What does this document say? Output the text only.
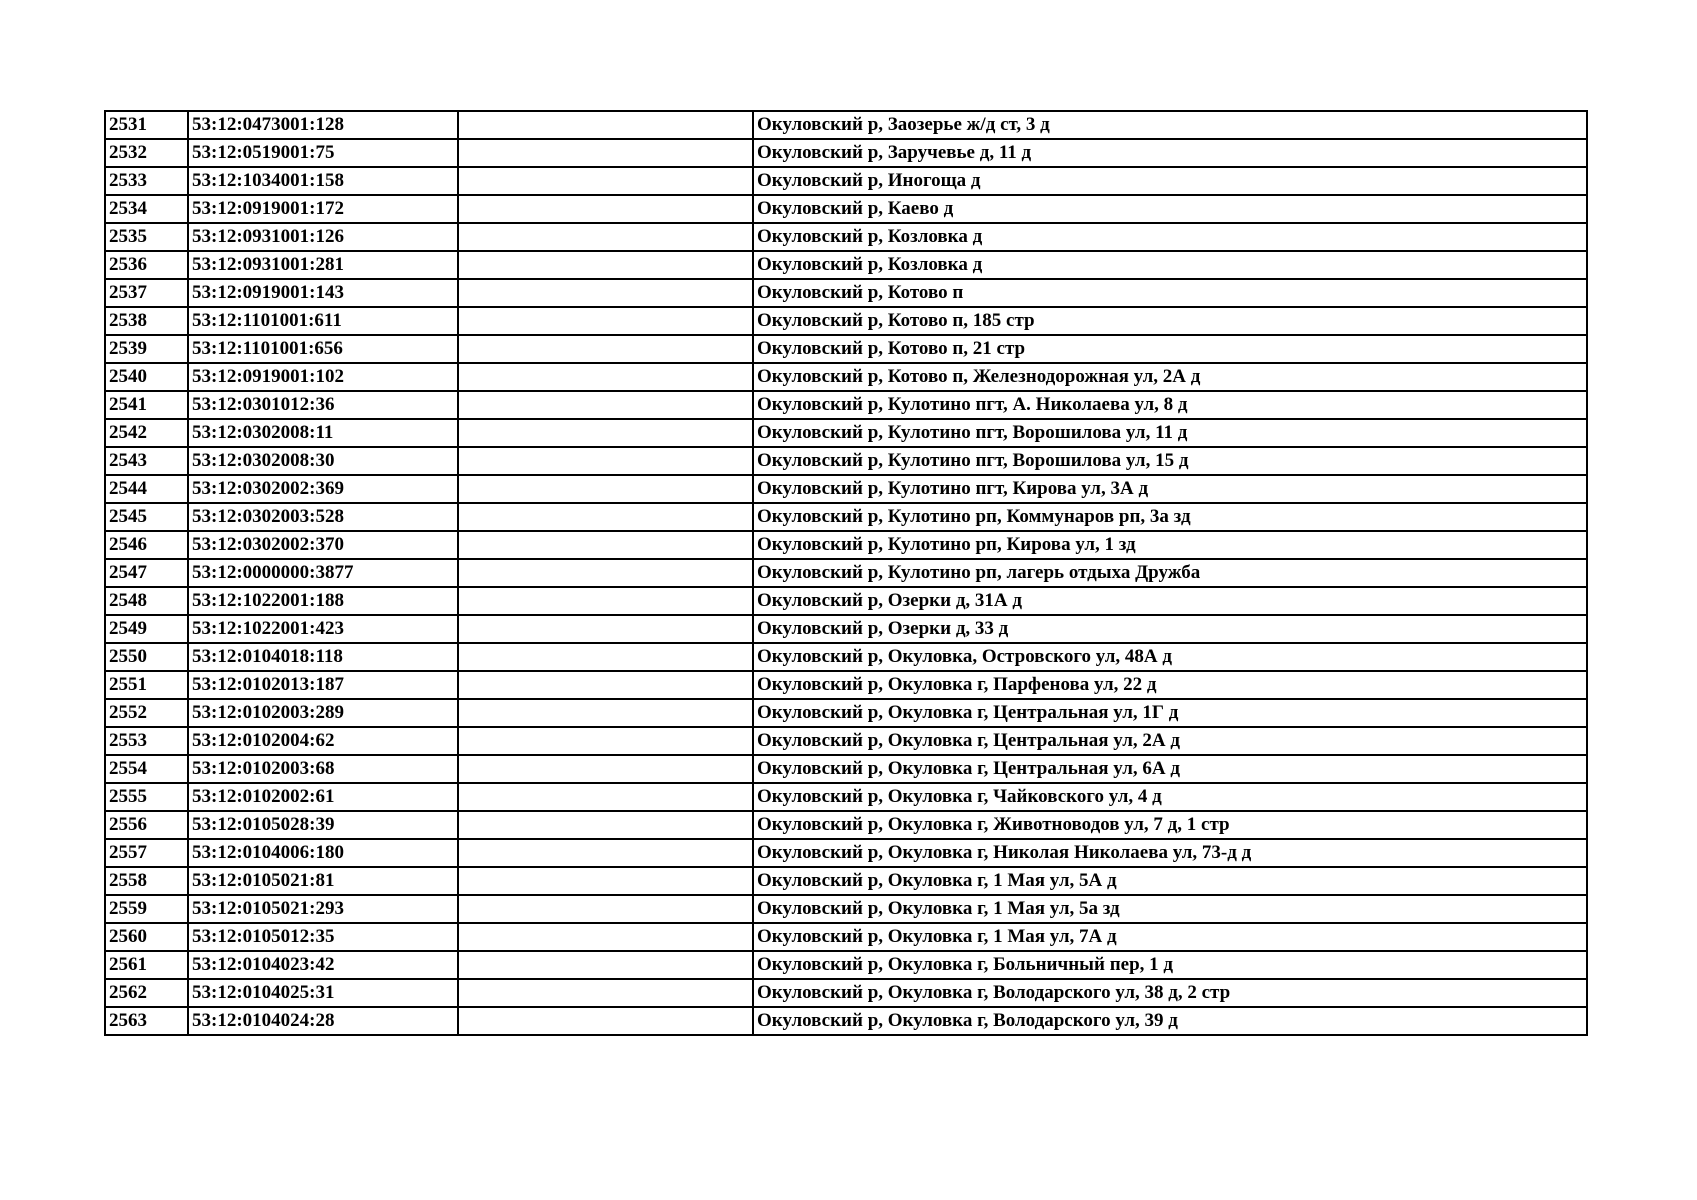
2531	53:12:0473001:128		Окуловский р, Заозерье ж/д ст, 3 д
2532	53:12:0519001:75		Окуловский р, Заручевье д, 11 д
2533	53:12:1034001:158		Окуловский р, Иногоща д
2534	53:12:0919001:172		Окуловский р, Каево д
2535	53:12:0931001:126		Окуловский р, Козловка д
2536	53:12:0931001:281		Окуловский р, Козловка д
2537	53:12:0919001:143		Окуловский р, Котово п
2538	53:12:1101001:611		Окуловский р, Котово п, 185 стр
2539	53:12:1101001:656		Окуловский р, Котово п, 21 стр
2540	53:12:0919001:102		Окуловский р, Котово п, Железнодорожная ул, 2А д
2541	53:12:0301012:36		Окуловский р, Кулотино пгт, А. Николаева ул, 8 д
2542	53:12:0302008:11		Окуловский р, Кулотино пгт, Ворошилова ул, 11 д
2543	53:12:0302008:30		Окуловский р, Кулотино пгт, Ворошилова ул, 15 д
2544	53:12:0302002:369		Окуловский р, Кулотино пгт, Кирова ул, 3А д
2545	53:12:0302003:528		Окуловский р, Кулотино рп, Коммунаров рп, 3а зд
2546	53:12:0302002:370		Окуловский р, Кулотино рп, Кирова ул, 1 зд
2547	53:12:0000000:3877		Окуловский р, Кулотино рп, лагерь отдыха Дружба
2548	53:12:1022001:188		Окуловский р, Озерки д, 31А д
2549	53:12:1022001:423		Окуловский р, Озерки д, 33 д
2550	53:12:0104018:118		Окуловский р, Окуловка, Островского ул, 48А д
2551	53:12:0102013:187		Окуловский р, Окуловка г, Парфенова ул, 22 д
2552	53:12:0102003:289		Окуловский р, Окуловка г, Центральная ул, 1Г д
2553	53:12:0102004:62		Окуловский р, Окуловка г, Центральная ул, 2А д
2554	53:12:0102003:68		Окуловский р, Окуловка г, Центральная ул, 6А д
2555	53:12:0102002:61		Окуловский р, Окуловка г, Чайковского ул, 4 д
2556	53:12:0105028:39		Окуловский р, Окуловка г, Животноводов ул, 7 д, 1 стр
2557	53:12:0104006:180		Окуловский р, Окуловка г, Николая Николаева ул, 73-д д
2558	53:12:0105021:81		Окуловский р, Окуловка г, 1 Мая ул, 5А д
2559	53:12:0105021:293		Окуловский р, Окуловка г, 1 Мая ул, 5а зд
2560	53:12:0105012:35		Окуловский р, Окуловка г, 1 Мая ул, 7А д
2561	53:12:0104023:42		Окуловский р, Окуловка г, Больничный пер, 1 д
2562	53:12:0104025:31		Окуловский р, Окуловка г, Володарского ул, 38 д, 2 стр
2563	53:12:0104024:28		Окуловский р, Окуловка г, Володарского ул, 39 д
